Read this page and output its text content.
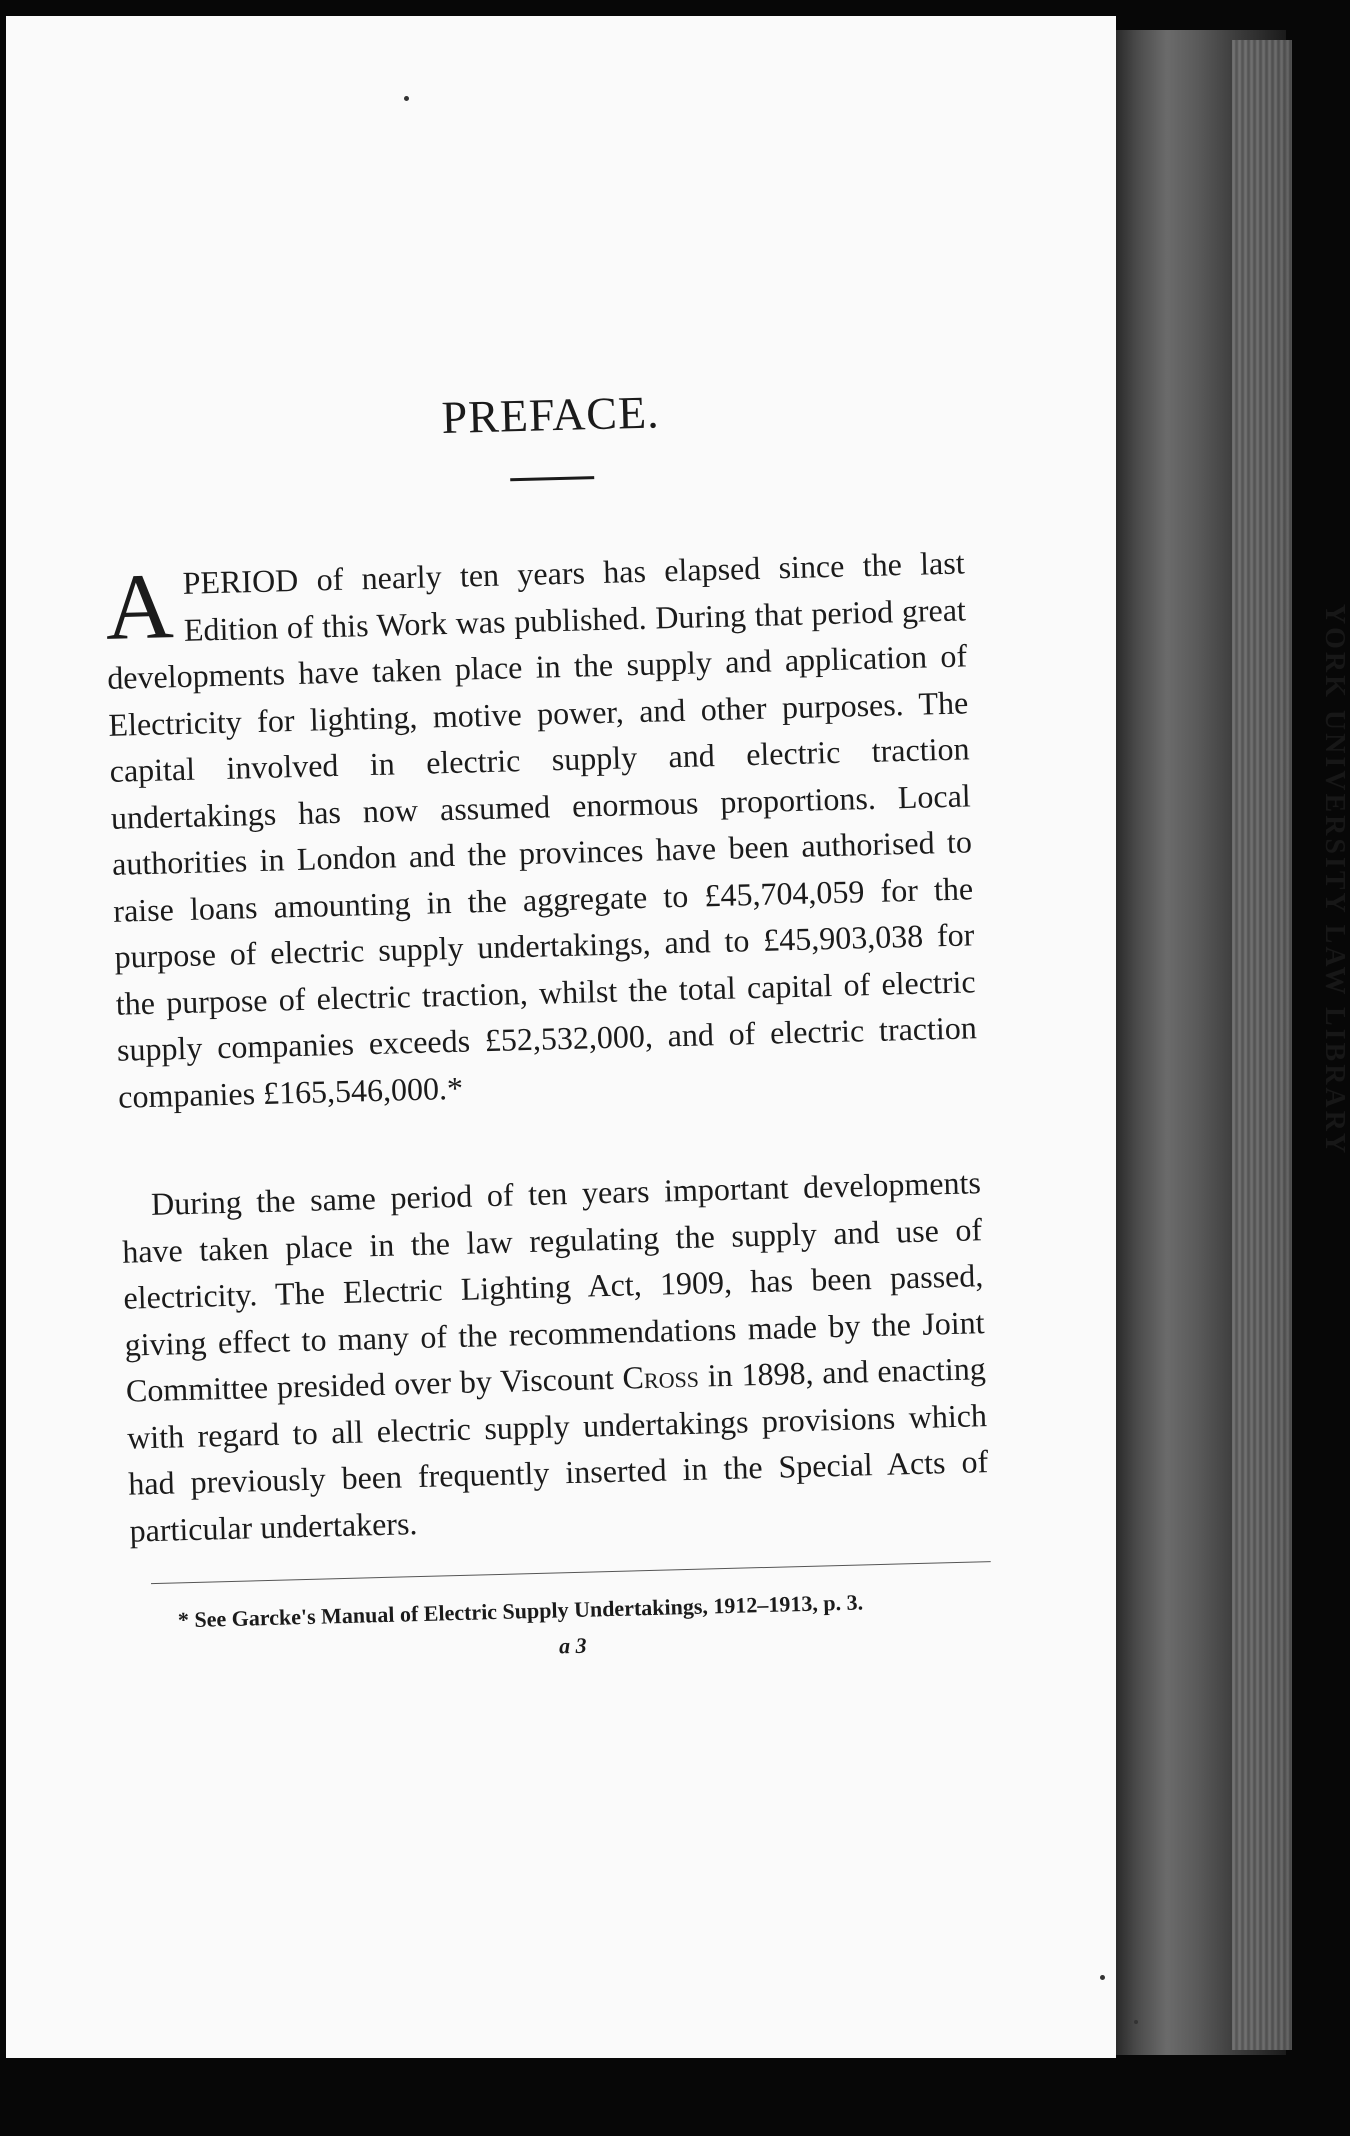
YORK UNIVERSITY LAW LIBRARY
PREFACE.

A PERIOD of nearly ten years has elapsed since the last Edition of this Work was published. During that period great developments have taken place in the supply and application of Electricity for lighting, motive power, and other purposes. The capital involved in electric supply and electric traction undertakings has now assumed enormous proportions. Local authorities in London and the provinces have been authorised to raise loans amounting in the aggregate to £45,704,059 for the purpose of electric supply undertakings, and to £45,903,038 for the purpose of electric traction, whilst the total capital of electric supply companies exceeds £52,532,000, and of electric traction companies £165,546,000.*

During the same period of ten years important developments have taken place in the law regulating the supply and use of electricity. The Electric Lighting Act, 1909, has been passed, giving effect to many of the recommendations made by the Joint Committee presided over by Viscount Cross in 1898, and enacting with regard to all electric supply undertakings provisions which had previously been frequently inserted in the Special Acts of particular undertakers.

* See Garcke's Manual of Electric Supply Undertakings, 1912–1913, p. 3.
a 3
